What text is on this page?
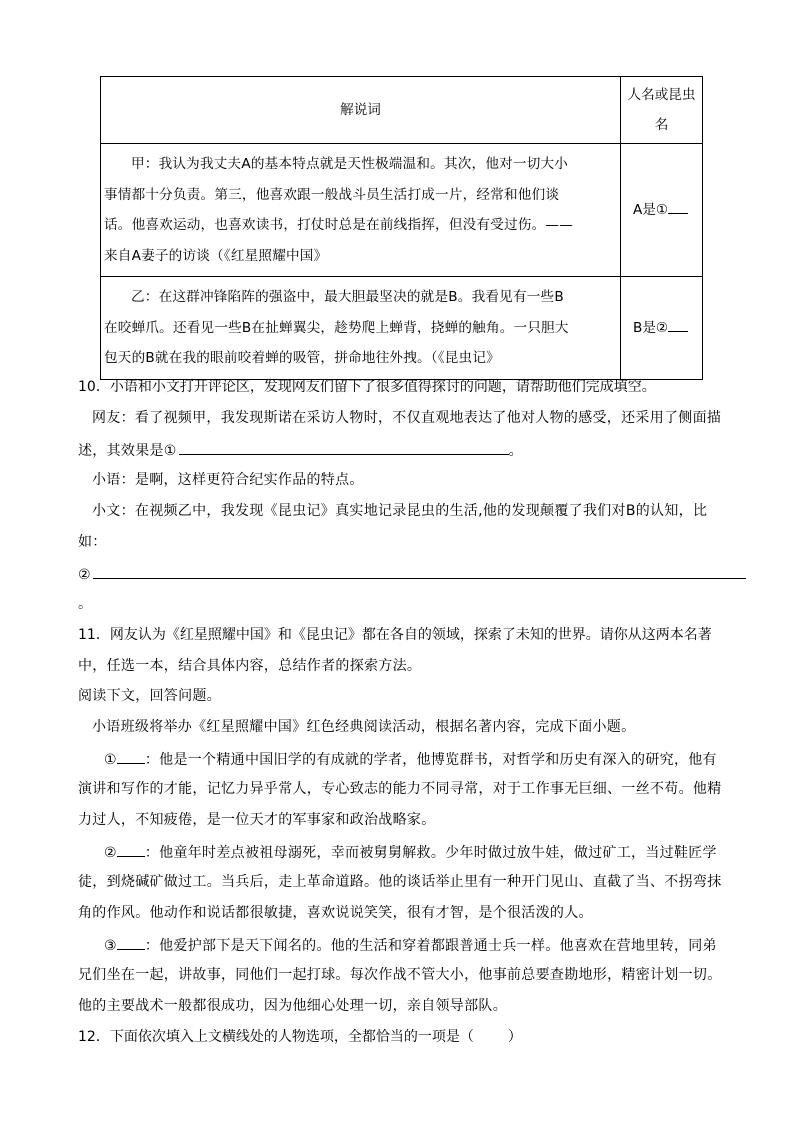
解说词	人名或昆虫
名

甲：我认为我丈夫A的基本特点就是天性极端温和。其次，他对一切大小

事情都十分负责。第三，他喜欢跟一般战斗员生活打成一片，经常和他们谈

话。他喜欢运动，也喜欢读书，打仗时总是在前线指挥，但没有受过伤。——

来自A妻子的访谈（《红星照耀中国》	A是①

乙：在这群冲锋陷阵的强盗中，最大胆最坚决的就是B。我看见有一些B

在咬蝉爪。还看见一些B在扯蝉翼尖，趁势爬上蝉背，挠蝉的触角。一只胆大

包天的B就在我的眼前咬着蝉的吸管，拼命地往外拽。（《昆虫记》	B是②

10．小语和小文打开评论区，发现网友们留下了很多值得探讨的问题，请帮助他们完成填空。

网友：看了视频甲，我发现斯诺在采访人物时，不仅直观地表达了他对人物的感受，还采用了侧面描

述，其效果是①	。

小语：是啊，这样更符合纪实作品的特点。

小文：在视频乙中，我发现《昆虫记》真实地记录昆虫的生活,他的发现颠覆了我们对B的认知，比

如：

②

。

11．网友认为《红星照耀中国》和《昆虫记》都在各自的领域，探索了未知的世界。请你从这两本名著

中，任选一本，结合具体内容，总结作者的探索方法。

阅读下文，回答问题。

小语班级将举办《红星照耀中国》红色经典阅读活动，根据名著内容，完成下面小题。

① ：他是一个精通中国旧学的有成就的学者，他博览群书，对哲学和历史有深入的研究，他有

演讲和写作的才能，记忆力异乎常人，专心致志的能力不同寻常，对于工作事无巨细、一丝不苟。他精

力过人，不知疲倦，是一位天才的军事家和政治战略家。

② ：他童年时差点被祖母溺死，幸而被舅舅解救。少年时做过放牛娃，做过矿工，当过鞋匠学

徒，到烧碱矿做过工。当兵后，走上革命道路。他的谈话举止里有一种开门见山、直截了当、不拐弯抹

角的作风。他动作和说话都很敏捷，喜欢说说笑笑，很有才智，是个很活泼的人。

③ ：他爱护部下是天下闻名的。他的生活和穿着都跟普通士兵一样。他喜欢在营地里转，同弟

兄们坐在一起，讲故事，同他们一起打球。每次作战不管大小，他事前总要查勘地形，精密计划一切。

他的主要战术一般都很成功，因为他细心处理一切，亲自领导部队。

12．下面依次填入上文横线处的人物选项，全都恰当的一项是（ ）
